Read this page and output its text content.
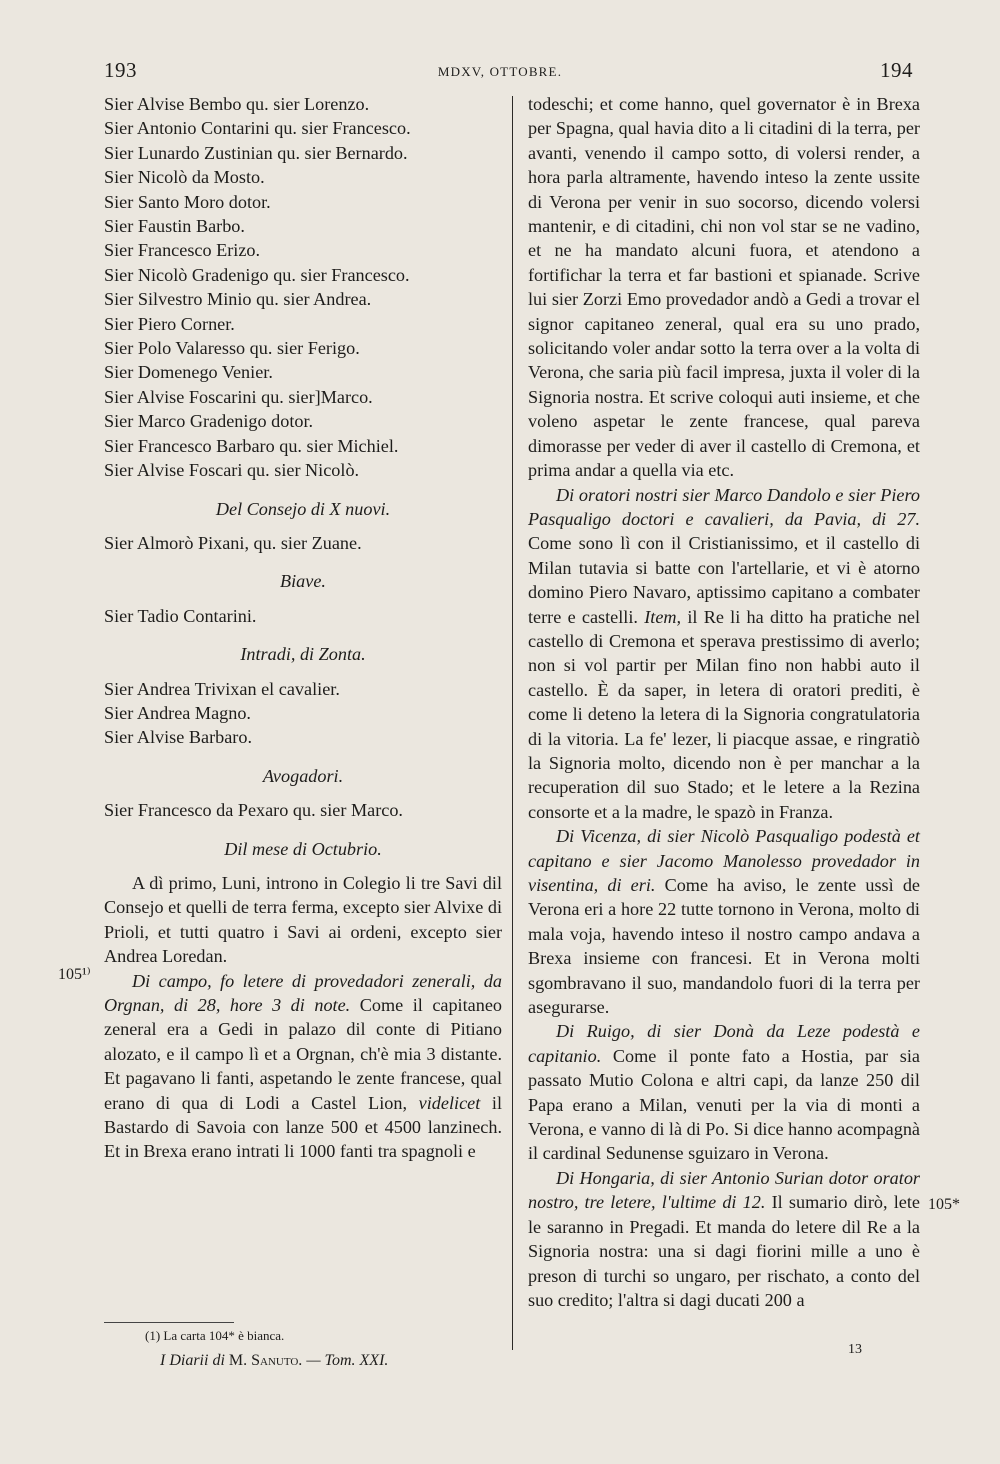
193	MDXV, OTTOBRE.	194
Sier Alvise Bembo qu. sier Lorenzo.
Sier Antonio Contarini qu. sier Francesco.
Sier Lunardo Zustinian qu. sier Bernardo.
Sier Nicolò da Mosto.
Sier Santo Moro dotor.
Sier Faustin Barbo.
Sier Francesco Erizo.
Sier Nicolò Gradenigo qu. sier Francesco.
Sier Silvestro Minio qu. sier Andrea.
Sier Piero Corner.
Sier Polo Valaresso qu. sier Ferigo.
Sier Domenego Venier.
Sier Alvise Foscarini qu. sier]Marco.
Sier Marco Gradenigo dotor.
Sier Francesco Barbaro qu. sier Michiel.
Sier Alvise Foscari qu. sier Nicolò.
Del Consejo di X nuovi.
Sier Almorò Pixani, qu. sier Zuane.
Biave.
Sier Tadio Contarini.
Intradi, di Zonta.
Sier Andrea Trivixan el cavalier.
Sier Andrea Magno.
Sier Alvise Barbaro.
Avogadori.
Sier Francesco da Pexaro qu. sier Marco.
Dil mese di Octubrio.

A dì primo, Luni, introno in Colegio li tre Savi dil Consejo et quelli de terra ferma, excepto sier Alvixe di Prioli, et tutti quatro i Savi ai ordeni, excepto sier Andrea Loredan.

Di campo, fo letere di provedadori zenerali, da Orgnan, di 28, hore 3 di note. Come il capitaneo zeneral era a Gedi in palazo dil conte di Pitiano alozato, e il campo lì et a Orgnan, ch'è mia 3 distante. Et pagavano li fanti, aspetando le zente francese, qual erano di qua di Lodi a Castel Lion, videlicet il Bastardo di Savoia con lanze 500 et 4500 lanzinech. Et in Brexa erano intrati li 1000 fanti tra spagnoli e

105¹⁾

todeschi; et come hanno, quel governator è in Brexa per Spagna, qual havia dito a li citadini di la terra, per avanti, venendo il campo sotto, di volersi render, a hora parla altramente, havendo inteso la zente ussite di Verona per venir in suo socorso, dicendo volersi mantenir, e di citadini, chi non vol star se ne vadino, et ne ha mandato alcuni fuora, et atendono a fortifichar la terra et far bastioni et spianade. Scrive lui sier Zorzi Emo provedador andò a Gedi a trovar el signor capitaneo zeneral, qual era su uno prado, solicitando voler andar sotto la terra over a la volta di Verona, che saria più facil impresa, juxta il voler di la Signoria nostra. Et scrive coloqui auti insieme, et che voleno aspetar le zente francese, qual pareva dimorasse per veder di aver il castello di Cremona, et prima andar a quella via etc.

Di oratori nostri sier Marco Dandolo e sier Piero Pasqualigo doctori e cavalieri, da Pavia, di 27. Come sono lì con il Cristianissimo, et il castello di Milan tutavia si batte con l'artellarie, et vi è atorno domino Piero Navaro, aptissimo capitano a combater terre e castelli. Item, il Re li ha ditto ha pratiche nel castello di Cremona et sperava prestissimo di averlo; non si vol partir per Milan fino non habbi auto il castello. È da saper, in letera di oratori prediti, è come li deteno la letera di la Signoria congratulatoria di la vitoria. La fe' lezer, li piacque assae, e ringratiò la Signoria molto, dicendo non è per manchar a la recuperation dil suo Stado; et le letere a la Rezina consorte et a la madre, le spazò in Franza.

Di Vicenza, di sier Nicolò Pasqualigo podestà et capitano e sier Jacomo Manolesso provedador in visentina, di eri. Come ha aviso, le zente ussì de Verona eri a hore 22 tutte tornono in Verona, molto di mala voja, havendo inteso il nostro campo andava a Brexa insieme con francesi. Et in Verona molti sgombravano il suo, mandandolo fuori di la terra per asegurarse.

Di Ruigo, di sier Donà da Leze podestà e capitanio. Come il ponte fato a Hostia, par sia passato Mutio Colona e altri capi, da lanze 250 dil Papa erano a Milan, venuti per la via di monti a Verona, e vanno di là di Po. Si dice hanno acompagnà il cardinal Sedunense sguizaro in Verona.

Di Hongaria, di sier Antonio Surian dotor orator nostro, tre letere, l'ultime di 12. Il sumario dirò, lete le saranno in Pregadi. Et manda do letere dil Re a la Signoria nostra: una si dagi fiorini mille a uno è preson di turchi so ungaro, per rischato, a conto del suo credito; l'altra si dagi ducati 200 a

105*
(1) La carta 104* è bianca.
I Diarii di M. Sanuto. — Tom. XXI.
13
